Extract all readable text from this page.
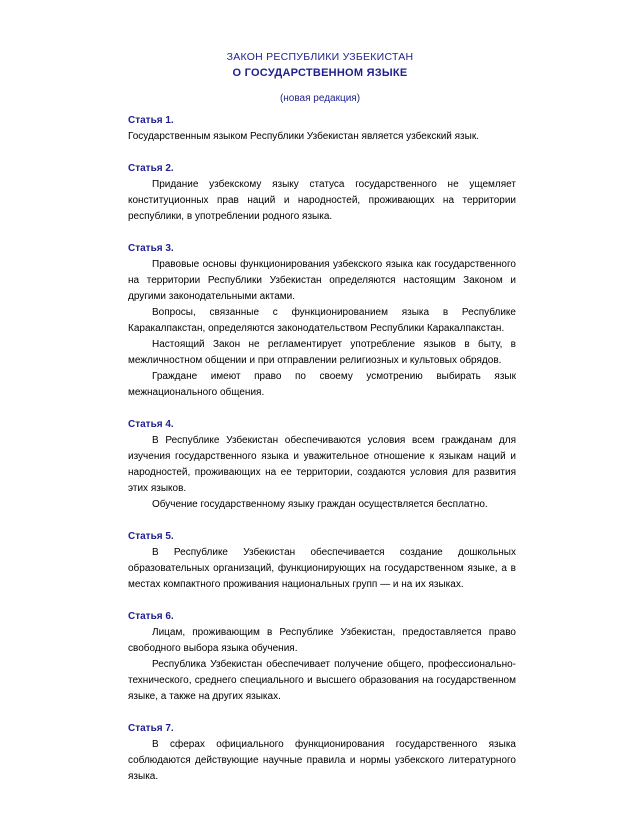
ЗАКОН РЕСПУБЛИКИ УЗБЕКИСТАН
О ГОСУДАРСТВЕННОМ ЯЗЫКЕ
(новая редакция)
Статья 1.

Государственным языком Республики Узбекистан является узбекский язык.

Статья 2.

Придание узбекскому языку статуса государственного не ущемляет конституционных прав наций и народностей, проживающих на территории республики, в употреблении родного языка.

Статья 3.

Правовые основы функционирования узбекского языка как государственного на территории Республики Узбекистан определяются настоящим Законом и другими законодательными актами.

Вопросы, связанные с функционированием языка в Республике Каракалпакстан, определяются законодательством Республики Каракалпакстан.

Настоящий Закон не регламентирует употребление языков в быту, в межличностном общении и при отправлении религиозных и культовых обрядов.

Граждане имеют право по своему усмотрению выбирать язык межнационального общения.

Статья 4.

В Республике Узбекистан обеспечиваются условия всем гражданам для изучения государственного языка и уважительное отношение к языкам наций и народностей, проживающих на ее территории, создаются условия для развития этих языков.

Обучение государственному языку граждан осуществляется бесплатно.

Статья 5.

В Республике Узбекистан обеспечивается создание дошкольных образовательных организаций, функционирующих на государственном языке, а в местах компактного проживания национальных групп — и на их языках.

Статья 6.

Лицам, проживающим в Республике Узбекистан, предоставляется право свободного выбора языка обучения.

Республика Узбекистан обеспечивает получение общего, профессионально-технического, среднего специального и высшего образования на государственном языке, а также на других языках.

Статья 7.

В сферах официального функционирования государственного языка соблюдаются действующие научные правила и нормы узбекского литературного языка.
